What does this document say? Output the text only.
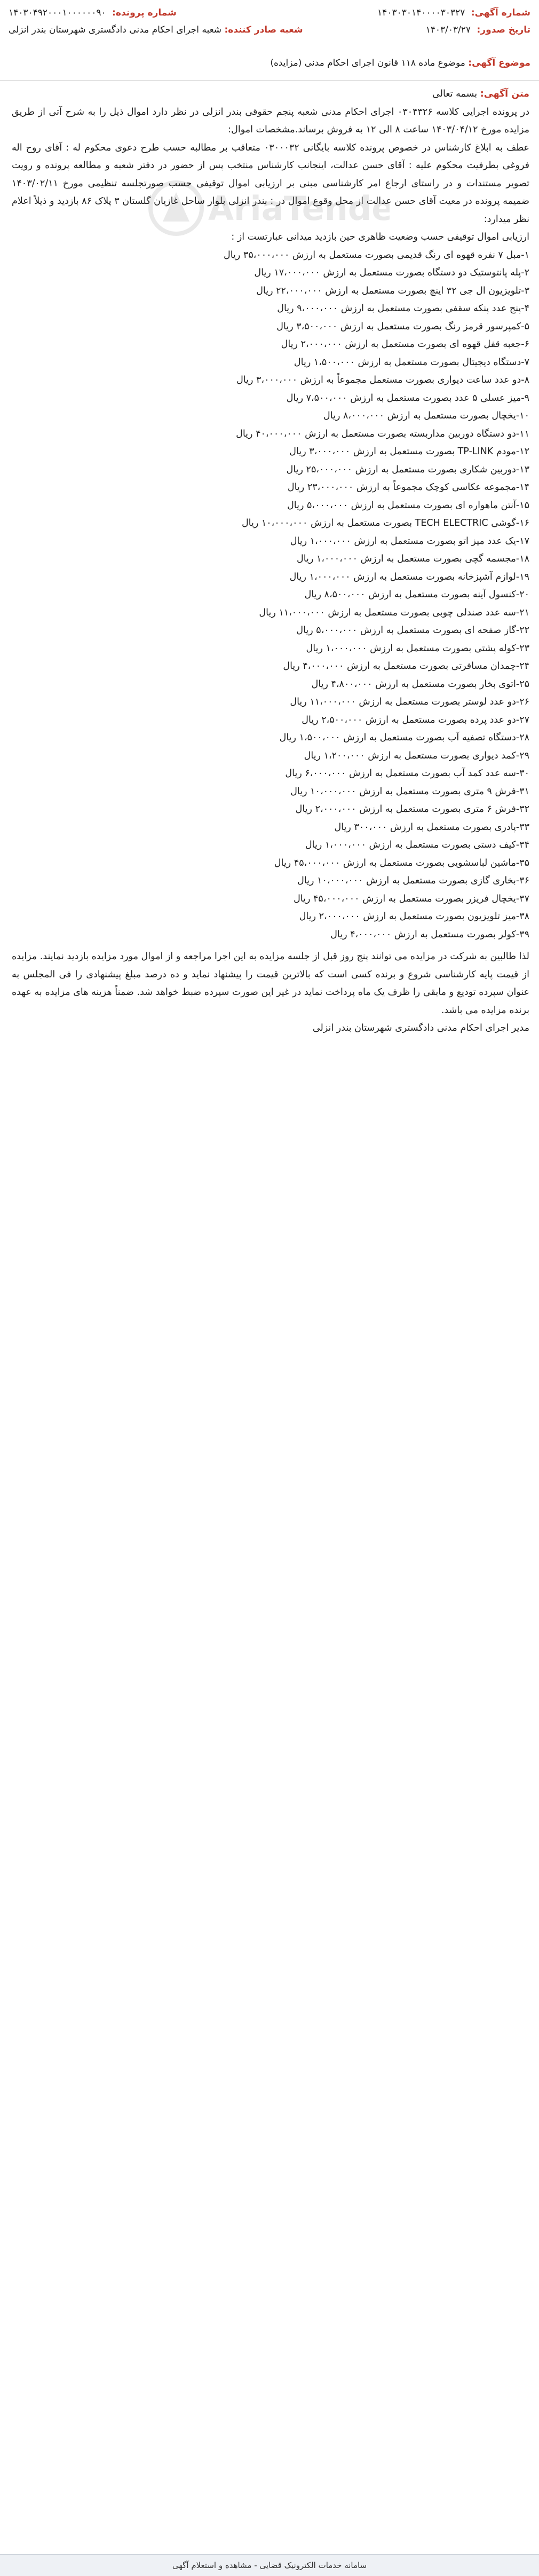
شماره آگهی: ۱۴۰۳۰۳۰۱۴۰۰۰۰۳۰۳۲۷
شماره پرونده: ۱۴۰۳۰۴۹۲۰۰۰۱۰۰۰۰۰۰۹۰
تاریخ صدور: ۱۴۰۳/۰۳/۲۷
شعبه صادر کننده: شعبه اجرای احکام مدنی دادگستری شهرستان بندر انزلی
موضوع آگهی: موضوع ماده ۱۱۸ قانون اجرای احکام مدنی (مزایده)
AriaTende

متن آگهی: بسمه تعالی

در پرونده اجرایی کلاسه ۰۳۰۴۳۲۶ اجرای احکام مدنی شعبه پنجم حقوقی بندر انزلی در نظر دارد اموال ذیل را به شرح آتی از طریق مزایده مورخ ۱۴۰۳/۰۴/۱۲ ساعت ۸ الی ۱۲ به فروش برساند.مشخصات اموال:

عطف به ابلاغ کارشناس در خصوص پرونده کلاسه بایگانی ۰۳۰۰۰۳۲ متعاقب بر مطالبه حسب طرح دعوی محکوم له : آقای روح اله فروغی بطرفیت محکوم علیه : آقای حسن عدالت، اینجانب کارشناس منتخب پس از حضور در دفتر شعبه و مطالعه پرونده و رویت تصویر مستندات و در راستای ارجاع امر کارشناسی مبنی بر ارزیابی اموال توقیفی حسب صورتجلسه تنظیمی مورخ ۱۴۰۳/۰۲/۱۱ ضمیمه پرونده در معیت آقای حسن عدالت از محل وقوع اموال در : بندر انزلی بلوار ساحل غازیان گلستان ۳ پلاک ۸۶ بازدید و ذیلاً اعلام نظر میدارد:

ارزیابی اموال توقیفی حسب وضعیت ظاهری حین بازدید میدانی عبارتست از :

۱-مبل ۷ نفره قهوه ای رنگ قدیمی بصورت مستعمل به ارزش ۳۵،۰۰۰،۰۰۰ ریال

۲-پله پانتوستیک دو دستگاه بصورت مستعمل به ارزش ۱۷،۰۰۰،۰۰۰ ریال

۳-تلویزیون ال جی ۳۲ اینچ بصورت مستعمل به ارزش ۲۲،۰۰۰،۰۰۰ ریال

۴-پنج عدد پنکه سقفی بصورت مستعمل به ارزش ۹،۰۰۰،۰۰۰ ریال

۵-کمپرسور قرمز رنگ بصورت مستعمل به ارزش ۳،۵۰۰،۰۰۰ ریال

۶-جعبه قفل قهوه ای بصورت مستعمل به ارزش ۲،۰۰۰،۰۰۰ ریال

۷-دستگاه دیجیتال بصورت مستعمل به ارزش ۱،۵۰۰،۰۰۰ ریال

۸-دو عدد ساعت دیواری بصورت مستعمل مجموعاً به ارزش ۳،۰۰۰،۰۰۰ ریال

۹-میز عسلی ۵ عدد بصورت مستعمل به ارزش ۷،۵۰۰،۰۰۰ ریال

۱۰-یخچال بصورت مستعمل به ارزش ۸،۰۰۰،۰۰۰ ریال

۱۱-دو دستگاه دوربین مداربسته بصورت مستعمل به ارزش ۴۰،۰۰۰،۰۰۰ ریال

۱۲-مودم TP-LINK بصورت مستعمل به ارزش ۳،۰۰۰،۰۰۰ ریال

۱۳-دوربین شکاری بصورت مستعمل به ارزش ۲۵،۰۰۰،۰۰۰ ریال

۱۴-مجموعه عکاسی کوچک مجموعاً به ارزش ۲۳،۰۰۰،۰۰۰ ریال

۱۵-آنتن ماهواره ای بصورت مستعمل به ارزش ۵،۰۰۰،۰۰۰ ریال

۱۶-گوشی TECH ELECTRIC بصورت مستعمل به ارزش ۱۰،۰۰۰،۰۰۰ ریال

۱۷-یک عدد میز اتو بصورت مستعمل به ارزش ۱،۰۰۰،۰۰۰ ریال

۱۸-مجسمه گچی بصورت مستعمل به ارزش ۱،۰۰۰،۰۰۰ ریال

۱۹-لوازم آشپزخانه بصورت مستعمل به ارزش ۱،۰۰۰،۰۰۰ ریال

۲۰-کنسول آینه بصورت مستعمل به ارزش ۸،۵۰۰،۰۰۰ ریال

۲۱-سه عدد صندلی چوبی بصورت مستعمل به ارزش ۱۱،۰۰۰،۰۰۰ ریال

۲۲-گاز صفحه ای بصورت مستعمل به ارزش ۵،۰۰۰،۰۰۰ ریال

۲۳-کوله پشتی بصورت مستعمل به ارزش ۱،۰۰۰،۰۰۰ ریال

۲۴-چمدان مسافرتی بصورت مستعمل به ارزش ۴،۰۰۰،۰۰۰ ریال

۲۵-اتوی بخار بصورت مستعمل به ارزش ۴،۸۰۰،۰۰۰ ریال

۲۶-دو عدد لوستر بصورت مستعمل به ارزش ۱۱،۰۰۰،۰۰۰ ریال

۲۷-دو عدد پرده بصورت مستعمل به ارزش ۲،۵۰۰،۰۰۰ ریال

۲۸-دستگاه تصفیه آب بصورت مستعمل به ارزش ۱،۵۰۰،۰۰۰ ریال

۲۹-کمد دیواری بصورت مستعمل به ارزش ۱،۲۰۰،۰۰۰ ریال

۳۰-سه عدد کمد آب بصورت مستعمل به ارزش ۶،۰۰۰،۰۰۰ ریال

۳۱-فرش ۹ متری بصورت مستعمل به ارزش ۱۰،۰۰۰،۰۰۰ ریال

۳۲-فرش ۶ متری بصورت مستعمل به ارزش ۲،۰۰۰،۰۰۰ ریال

۳۳-پادری بصورت مستعمل به ارزش ۳۰۰،۰۰۰ ریال

۳۴-کیف دستی بصورت مستعمل به ارزش ۱،۰۰۰،۰۰۰ ریال

۳۵-ماشین لباسشویی بصورت مستعمل به ارزش ۴۵،۰۰۰،۰۰۰ ریال

۳۶-بخاری گازی بصورت مستعمل به ارزش ۱۰،۰۰۰،۰۰۰ ریال

۳۷-یخچال فریزر بصورت مستعمل به ارزش ۴۵،۰۰۰،۰۰۰ ریال

۳۸-میز تلویزیون بصورت مستعمل به ارزش ۲،۰۰۰،۰۰۰ ریال

۳۹-کولر بصورت مستعمل به ارزش ۴،۰۰۰،۰۰۰ ریال

لذا طالبین به شرکت در مزایده می توانند پنج روز قبل از جلسه مزایده به این اجرا مراجعه و از اموال مورد مزایده بازدید نمایند. مزایده از قیمت پایه کارشناسی شروع و برنده کسی است که بالاترین قیمت را پیشنهاد نماید و ده درصد مبلغ پیشنهادی را فی المجلس به عنوان سپرده تودیع و مابقی را ظرف یک ماه پرداخت نماید در غیر این صورت سپرده ضبط خواهد شد. ضمناً هزینه های مزایده به عهده برنده مزایده می باشد.

مدیر اجرای احکام مدنی دادگستری شهرستان بندر انزلی

سامانه خدمات الکترونیک قضایی - مشاهده و استعلام آگهی
